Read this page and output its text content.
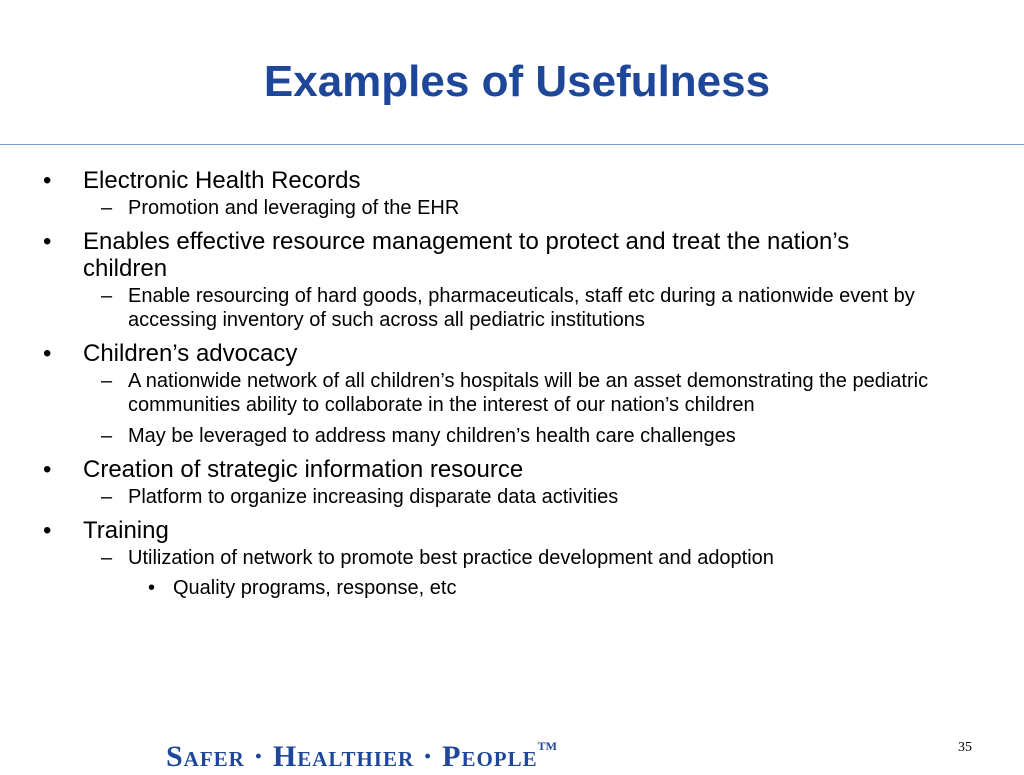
Examples of Usefulness
• Electronic Health Records
– Promotion and leveraging of the EHR
• Enables effective resource management to protect and treat the nation’s children
– Enable resourcing of hard goods, pharmaceuticals, staff etc during a nationwide event by accessing inventory of such across all pediatric institutions
• Children’s advocacy
– A nationwide network of all children’s hospitals will be an asset demonstrating the pediatric communities ability to collaborate in the interest of our nation’s children
– May be leveraged to address many children’s health care challenges
• Creation of strategic information resource
– Platform to organize increasing disparate data activities
• Training
– Utilization of network to promote best practice development and adoption
• Quality programs, response, etc
Safer · Healthier · People™	35
